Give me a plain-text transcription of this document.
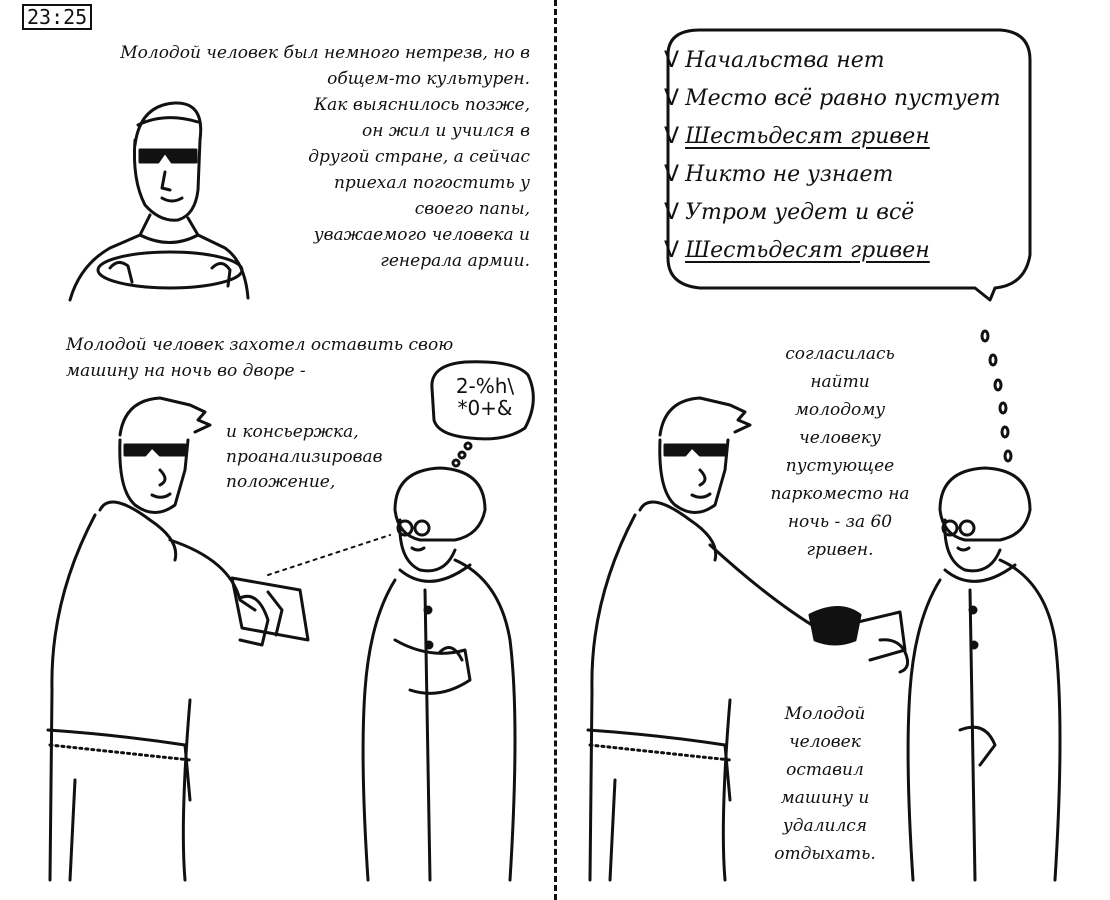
23:25
Молодой человек был немного нетрезв, но в
общем-то культурен.
Как выяснилось позже,
он жил и учился в
другой стране, а сейчас
приехал погостить у
своего папы,
уважаемого человека и
генерала армии.
Молодой человек захотел оставить свою
машину на ночь во дворе -
и консьержка,
проанализировав
положение,
2-%h\
*0+&
V Начальства нет
V Место всё равно пустует
V Шестьдесят гривен
V Никто не узнает
V Утром уедет и всё
V Шестьдесят гривен
согласилась
найти
молодому
человеку
пустующее
паркоместо на
ночь - за 60
гривен.
Молодой
человек
оставил
машину и
удалился
отдыхать.
